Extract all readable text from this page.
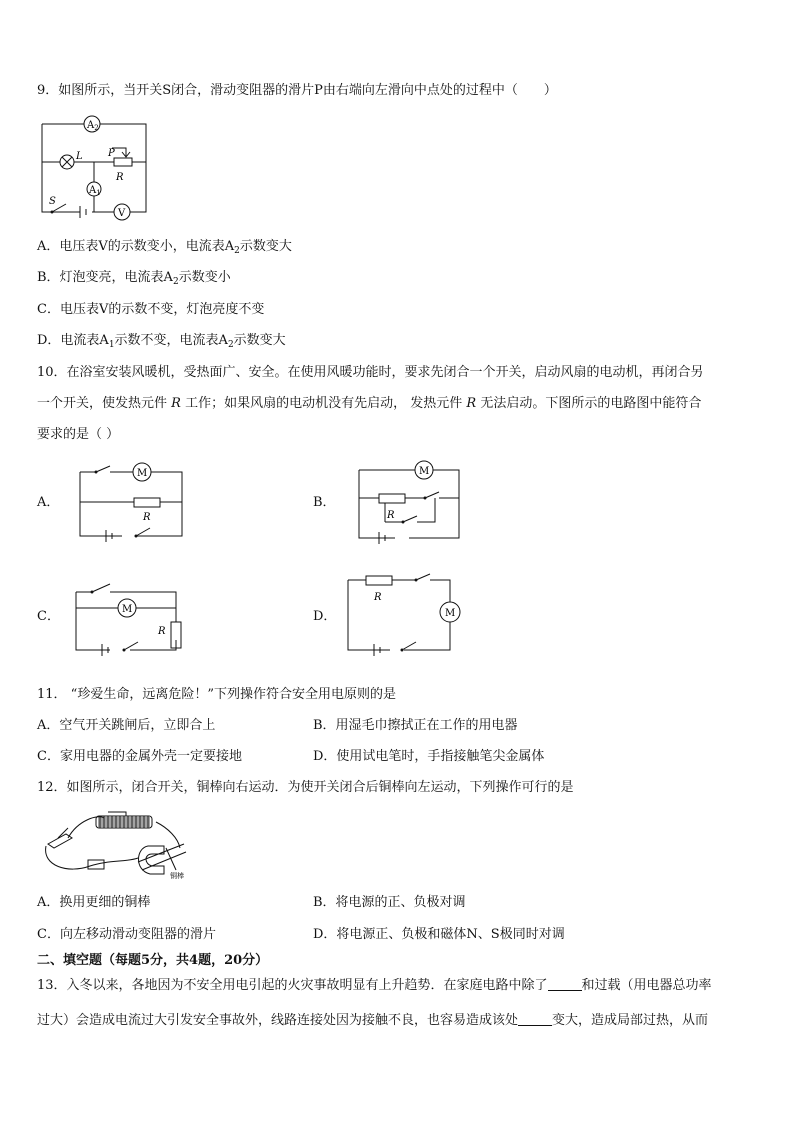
9．如图所示，当开关S闭合，滑动变阻器的滑片P由右端向左滑向中点处的过程中（　　）
$A_2$
$A_1$
V
L	P
R
S
A．电压表V的示数变小，电流表$A_2$示数变大
B．灯泡变亮，电流表$A_2$示数变小
C．电压表V的示数不变，灯泡亮度不变
D．电流表$A_1$示数不变，电流表$A_2$示数变大
10．在浴室安装风暖机，受热面广、安全。在使用风暖功能时，要求先闭合一个开关，启动风扇的电动机，再闭合另
一个开关，使发热元件 R 工作；如果风扇的电动机没有先启动， 发热元件 R 无法启动。下图所示的电路图中能符合
要求的是（ ）
A．	B．
C．	D．
M
R
M
R
M
R
M
R
11． “珍爱生命，远离危险！”下列操作符合安全用电原则的是
A．空气开关跳闸后，立即合上	B．用湿毛巾擦拭正在工作的用电器
C．家用电器的金属外壳一定要接地	D．使用试电笔时，手指接触笔尖金属体
12．如图所示，闭合开关，铜棒向右运动．为使开关闭合后铜棒向左运动，下列操作可行的是
铜棒
A．换用更细的铜棒	B．将电源的正、负极对调
C．向左移动滑动变阻器的滑片	D．将电源正、负极和磁体N、S极同时对调
二、填空题（每题5分，共4题，20分）
13．入冬以来，各地因为不安全用电引起的火灾事故明显有上升趋势．在家庭电路中除了	和过载（用电器总功率
过大）会造成电流过大引发安全事故外，线路连接处因为接触不良，也容易造成该处	变大，造成局部过热，从而
